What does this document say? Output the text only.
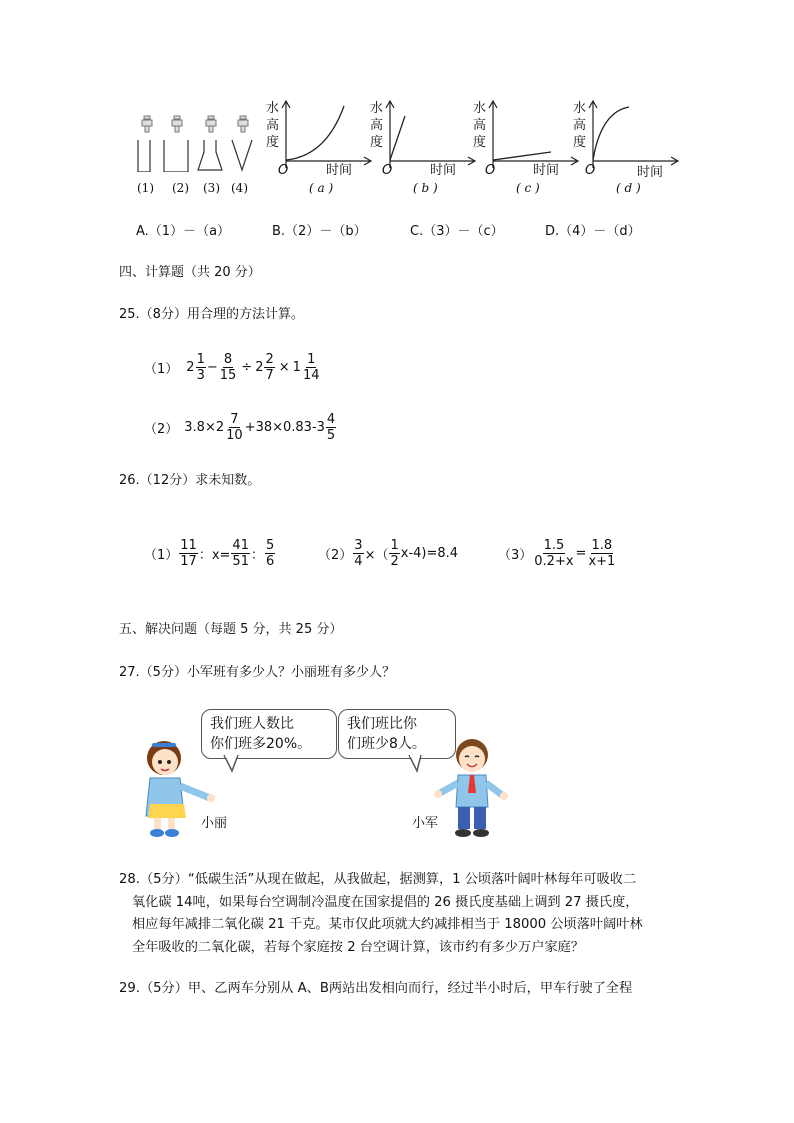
(1) (2) (3) (4)
水
高
度
O	时间
( a )
水
高
度
O	时间
( b )
水
高
度
O	时间
( c )
水
高
度
O	时间
( d )
A.（1）－（a）	B.（2）－（b）	C.（3）－（c）	D.（4）－（d）
四、计算题（共 20 分）
25.（8分）用合理的方法计算。
（1） $2 \frac{1}{3} - \frac{8}{15} \div 2 \frac{2}{7} \times 1 \frac{1}{14}$
（2） $3.8\times 2 \frac{7}{10} +38\times 0.83-3 \frac{4}{5}$
26.（12分）求未知数。
$(1) \frac{11}{17}$ ：$x= \frac{41}{51}$ ： $\frac{5}{6}$	$(2) \frac{3}{4}$ ×（ $\frac{1}{2} x-4)=8.4$	$(3) \frac{1.5}{0.2+x} = \frac{1.8}{x+1}$
五、解决问题（每题 5 分，共 25 分）
27.（5分）小军班有多少人？小丽班有多少人？
我们班人数比
你们班多20%。
我们班比你
们班少8人。
小丽	小军
28.（5分）“低碳生活”从现在做起，从我做起，据测算，1 公顷落叶阔叶林每年可吸收二
氧化碳 14吨，如果每台空调制冷温度在国家提倡的 26 摄氏度基础上调到 27 摄氏度，
相应每年减排二氧化碳 21 千克。某市仅此项就大约减排相当于 18000 公顷落叶阔叶林
全年吸收的二氧化碳，若每个家庭按 2 台空调计算，该市约有多少万户家庭？
29.（5分）甲、乙两车分别从 A、B两站出发相向而行，经过半小时后，甲车行驶了全程
